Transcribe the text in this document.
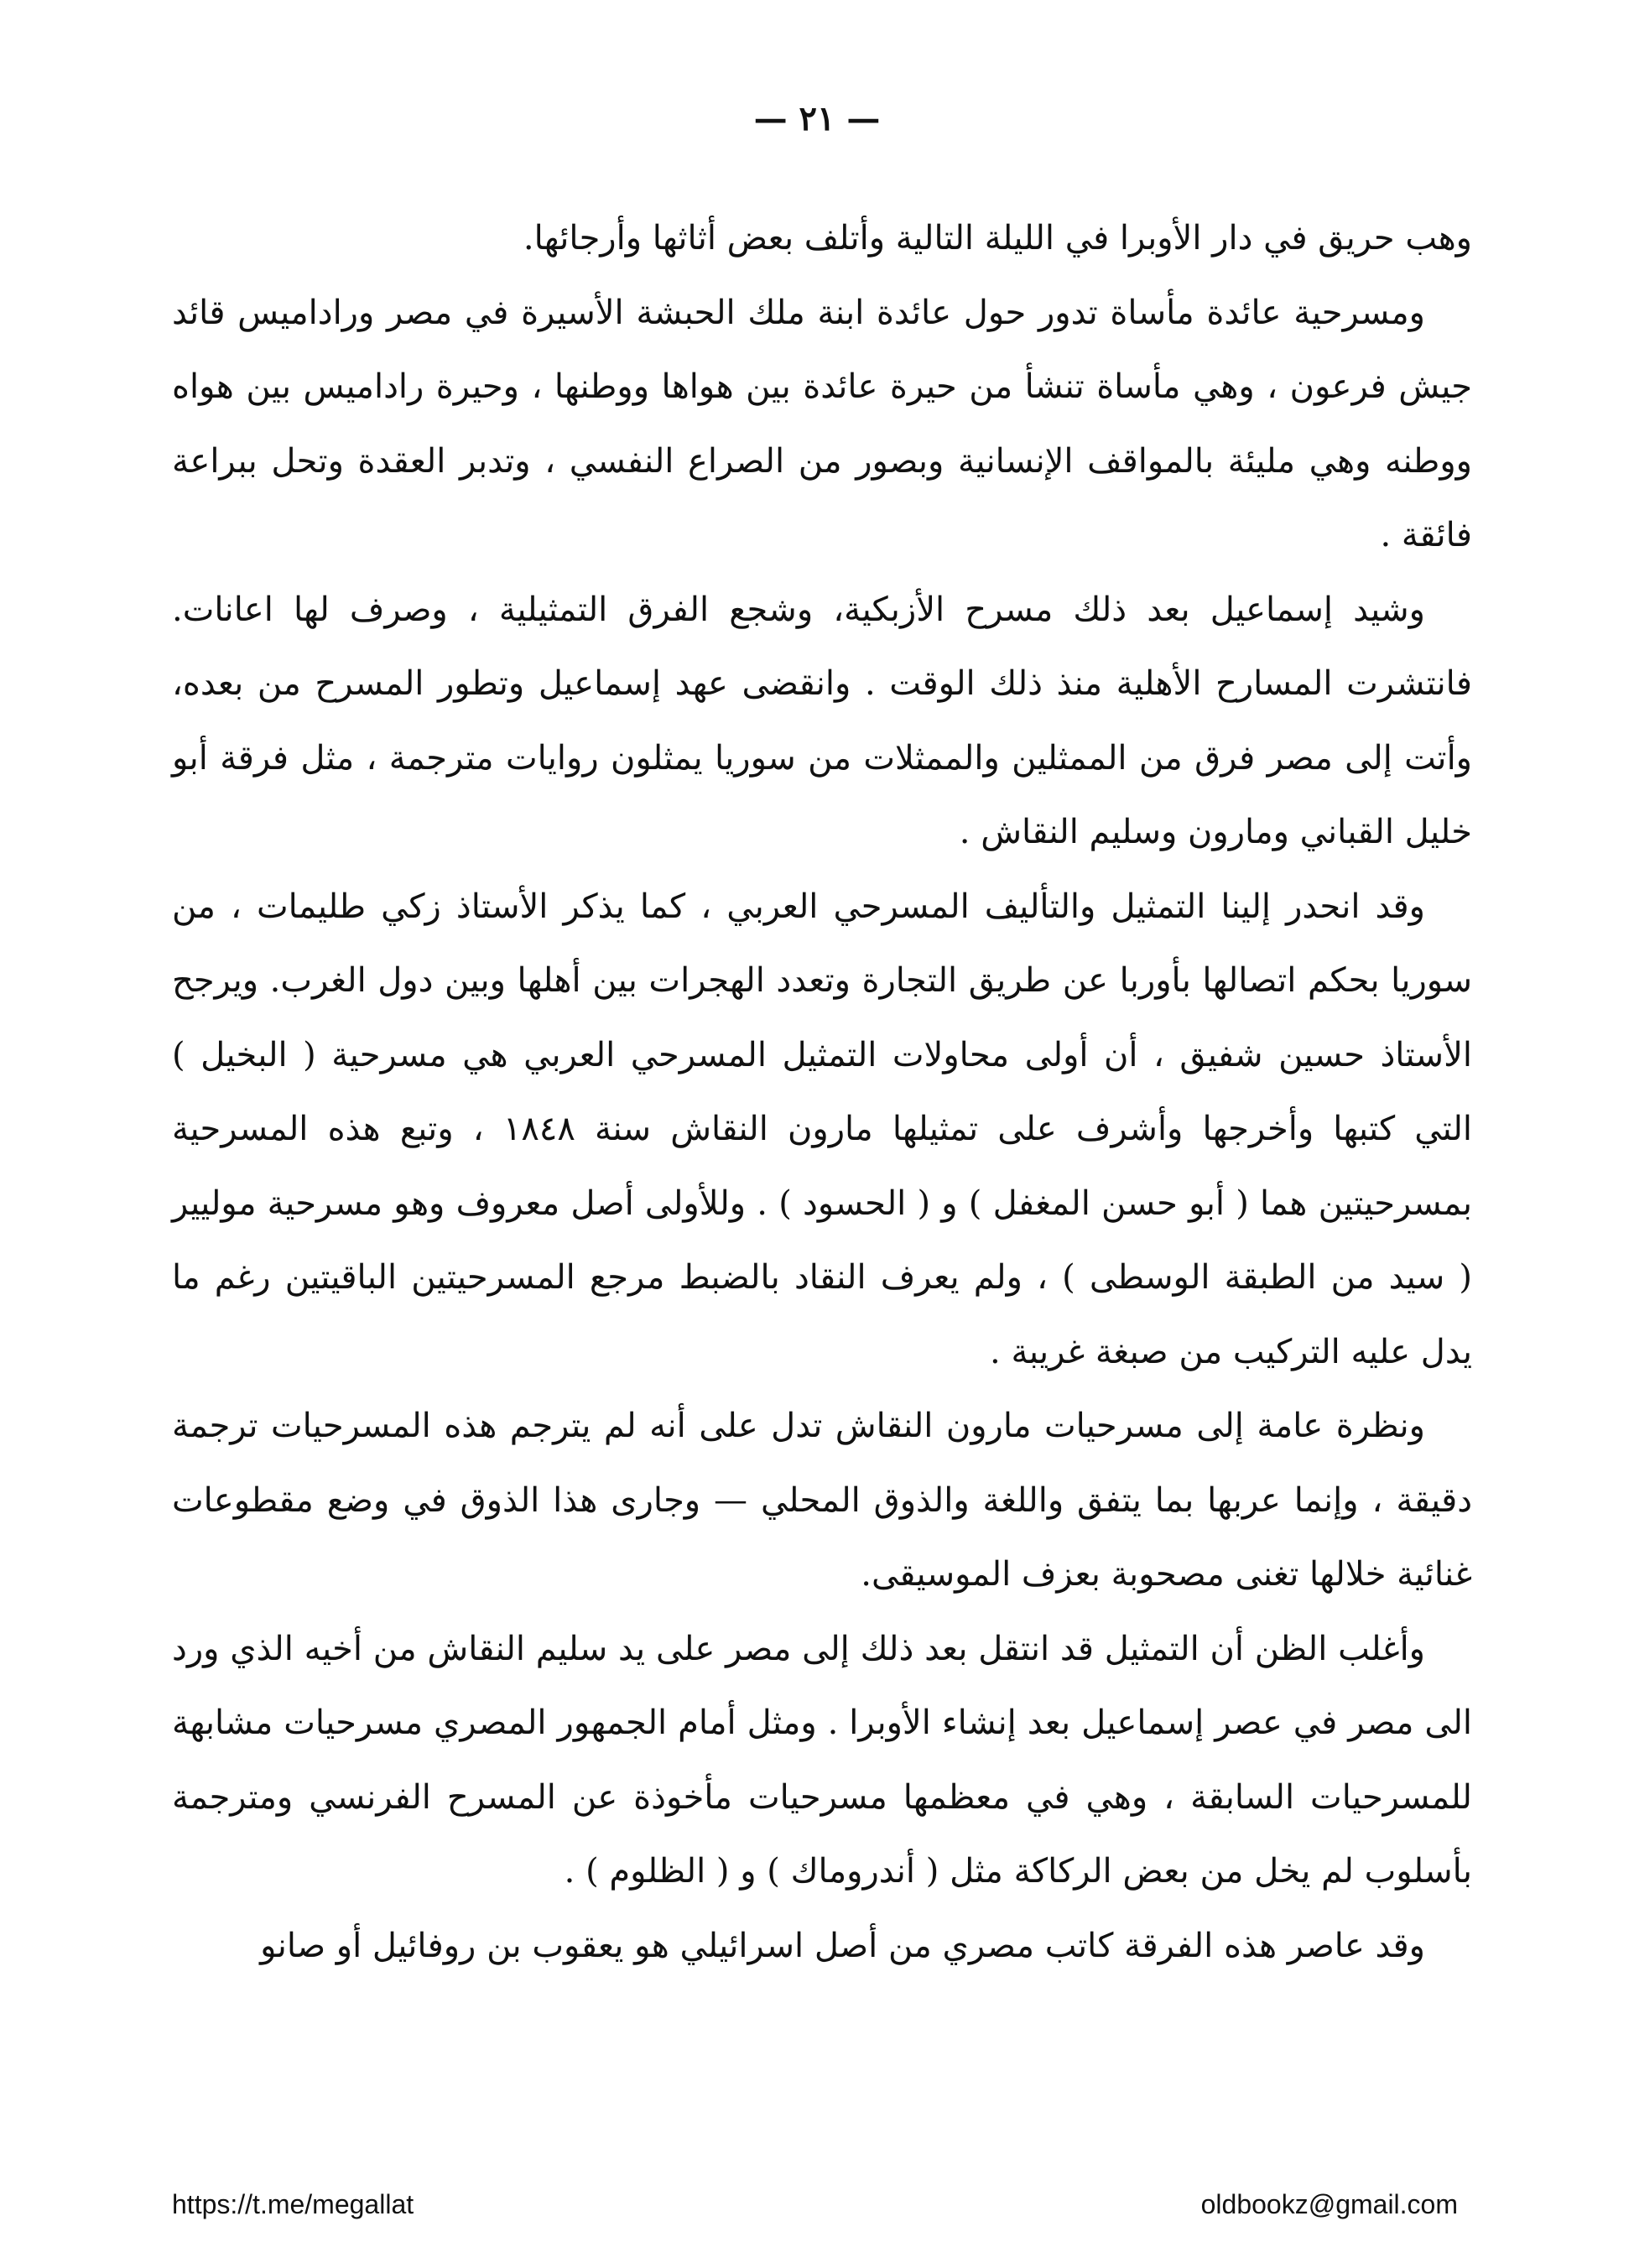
— ٢١ —

وهب حريق في دار الأوبرا في الليلة التالية وأتلف بعض أثاثها وأرجائها.

ومسرحية عائدة مأساة تدور حول عائدة ابنة ملك الحبشة الأسيرة في مصر ورادامیس قائد جيش فرعون ، وهي مأساة تنشأ من حيرة عائدة بين هواها ووطنها ، وحيرة راداميس بين هواه ووطنه وهي مليئة بالمواقف الإنسانية وبصور من الصراع النفسي ، وتدبر العقدة وتحل ببراعة فائقة .

وشيد إسماعيل بعد ذلك مسرح الأزبكية، وشجع الفرق التمثيلية ، وصرف لها اعانات. فانتشرت المسارح الأهلية منذ ذلك الوقت . وانقضى عهد إسماعيل وتطور المسرح من بعده، وأتت إلى مصر فرق من الممثلين والممثلات من سوريا يمثلون روايات مترجمة ، مثل فرقة أبو خليل القباني ومارون وسليم النقاش .

وقد انحدر إلينا التمثيل والتأليف المسرحي العربي ، كما يذكر الأستاذ زكي طليمات ، من سوريا بحكم اتصالها بأوربا عن طريق التجارة وتعدد الهجرات بين أهلها وبين دول الغرب. ويرجح الأستاذ حسين شفيق ، أن أولى محاولات التمثيل المسرحي العربي هي مسرحية ( البخيل ) التي كتبها وأخرجها وأشرف على تمثيلها مارون النقاش سنة ١٨٤٨ ، وتبع هذه المسرحية بمسرحيتين هما ( أبو حسن المغفل ) و ( الحسود ) . وللأولى أصل معروف وهو مسرحية موليير ( سيد من الطبقة الوسطى ) ، ولم يعرف النقاد بالضبط مرجع المسرحيتين الباقيتين رغم ما يدل عليه التركيب من صبغة غريبة .

ونظرة عامة إلى مسرحيات مارون النقاش تدل على أنه لم يترجم هذه المسرحيات ترجمة دقيقة ، وإنما عربها بما يتفق واللغة والذوق المحلي — وجارى هذا الذوق في وضع مقطوعات غنائية خلالها تغنى مصحوبة بعزف الموسيقى.

وأغلب الظن أن التمثيل قد انتقل بعد ذلك إلى مصر على يد سليم النقاش من أخيه الذي ورد الى مصر في عصر إسماعيل بعد إنشاء الأوبرا . ومثل أمام الجمهور المصري مسرحيات مشابهة للمسرحيات السابقة ، وهي في معظمها مسرحيات مأخوذة عن المسرح الفرنسي ومترجمة بأسلوب لم يخل من بعض الركاكة مثل ( أندروماك ) و ( الظلوم ) .

وقد عاصر هذه الفرقة كاتب مصري من أصل اسرائيلي هو يعقوب بن روفائيل أو صانو

https://t.me/megallat	oldbookz@gmail.com
